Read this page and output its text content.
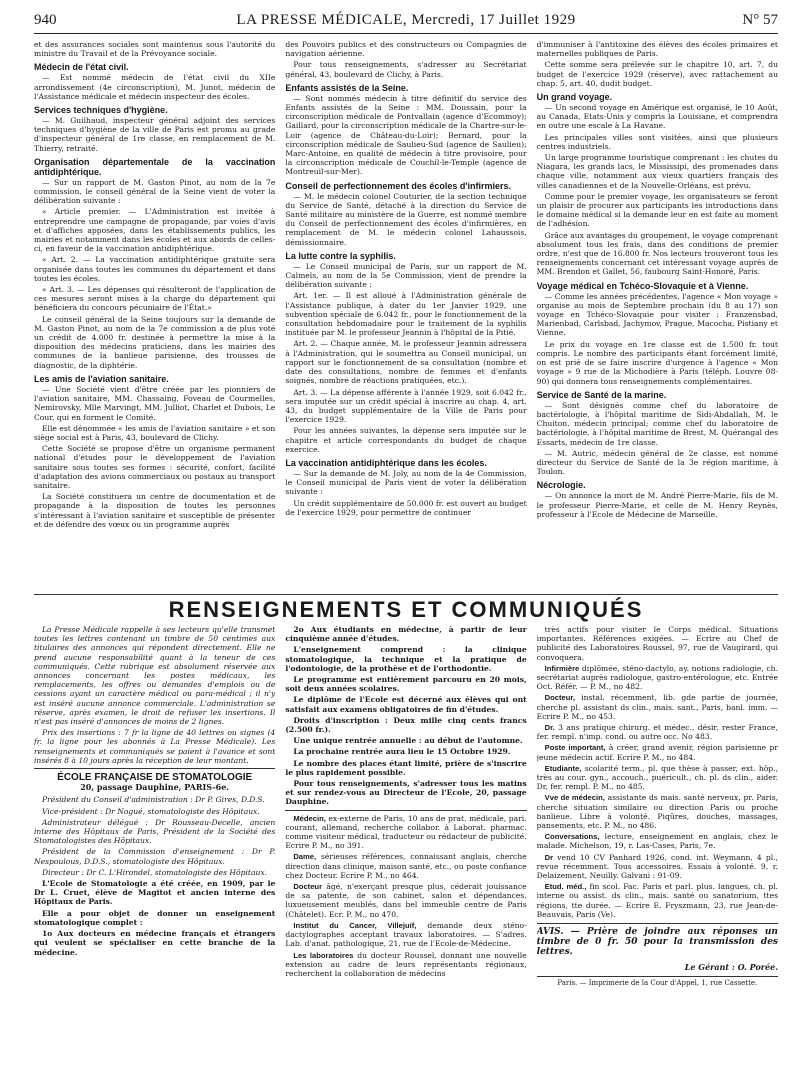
940	LA PRESSE MÉDICALE, Mercredi, 17 Juillet 1929	N° 57

et des assurances sociales sont maintenus sous l'autorité du ministre du Travail et de la Prévoyance sociale.

Médecin de l'état civil.

— Est nommé médecin de l'état civil du XIIe arrondissement (4e circonscription), M. Junot, médecin de l'Assistance médicale et médecin inspecteur des écoles.

Services techniques d'hygiène.

— M. Guilhaud, inspecteur général adjoint des services techniques d'hygiène de la ville de Paris est promu au grade d'inspecteur général de 1re classe, en remplacement de M. Thierry, retraité.

Organisation départementale de la vaccination antidiphtérique.

— Sur un rapport de M. Gaston Pinot, au nom de la 7e commission, le conseil général de la Seine vient de voter la délibération suivante :

« Article premier. — L'Administration est invitée à entreprendre une campagne de propagande, par voies d'avis et d'affiches apposées, dans les établissements publics, les mairies et notamment dans les écoles et aux abords de celles-ci, en faveur de la vaccination antidiphtérique.

« Art. 2. — La vaccination antidiphtérique gratuite sera organisée dans toutes les communes du département et dans toutes les écoles.

« Art. 3. — Les dépenses qui résulteront de l'application de ces mesures seront mises à la charge du département qui bénéficiera du concours pécuniaire de l'État.»

Le conseil général de la Seine toujours sur la demande de M. Gaston Pinot, au nom de la 7e commission a de plus voté un crédit de 4.000 fr. destinée à permettre la mise à la disposition des médecins praticiens, dans les mairies des communes de la banlieue parisienne, des trousses de diagnostic, de la diphtérie.

Les amis de l'aviation sanitaire.

— Une Société vient d'être créée par les pionniers de l'aviation sanitaire, MM. Chassaing, Foveau de Courmelles, Nemirovsky, Mlle Marvingt, MM. Julliot, Charlet et Dubois, Le Cour, qui en forment le Comité.

Elle est dénommée « les amis de l'aviation sanitaire » et son siège social est à Paris, 43, boulevard de Clichy.

Cette Société se propose d'être un organisme permanent national d'études pour le développement de l'aviation sanitaire sous toutes ses formes : sécurité, confort, facilité d'adaptation des avions commerciaux ou postaux au transport sanitaire.

La Société constituera un centre de documentation et de propagande à la disposition de toutes les personnes s'intéressant à l'aviation sanitaire et susceptible de présenter et de défendre des vœux ou un programme auprès

des Pouvoirs publics et des constructeurs ou Compagnies de navigation aérienne.

Pour tous renseignements, s'adresser au Secrétariat général, 43, boulevard de Clichy, à Paris.

Enfants assistés de la Seine.

— Sont nommés médecin à titre définitif du service des Enfants assistés de la Seine : MM. Doussain, pour la circonscription médicale de Pontvallain (agence d'Ecommoy); Gaillard, pour la circonscription médicale de la Chartre-sur-le-Loir (agence de Château-du-Loir); Bernard, pour la circonscription médicale de Saulieu-Sud (agence de Saulieu); Marc-Antoine, en qualité de médecin à titre provisoire, pour la circonscription médicale de Couchil-le-Temple (agence de Montreuil-sur-Mer).

Conseil de perfectionnement des écoles d'infirmiers.

— M. le médecin colonel Couturier, de la section technique du Service de Santé, détaché à la direction du Service de Santé militaire au ministère de la Guerre, est nommé membre du Conseil de perfectionnement des écoles d'infirmières, en remplacement de M. le médecin colonel Lahaussois, démissionnaire.

La lutte contre la syphilis.

— Le Conseil municipal de Paris, sur un rapport de M. Calmels, au nom de la 5e Commission, vient de prendre la délibération suivante :

Art. 1er. — Il est alloué à l'Administration générale de l'Assistance publique, à dater du 1er Janvier 1929, une subvention spéciale de 6.042 fr., pour le fonctionnement de la consultation hebdomadaire pour le traitement de la syphilis instituée par M. le professeur Jeannin à l'hôpital de la Pitié.

Art. 2. — Chaque année, M. le professeur Jeannin adressera à l'Administration, qui le soumettra au Conseil municipal, un rapport sur le fonctionnement de sa consultation (nombre et date des consultations, nombre de femmes et d'enfants soignés, nombre de réactions pratiquées, etc.).

Art. 3. — La dépense afférente à l'année 1929, soit 6.042 fr., sera imputée sur un crédit spécial à inscrire au chap. 4, art. 43, du budget supplémentaire de la Ville de Paris pour l'exercice 1929.

Pour les années suivantes, la dépense sera imputée sur le chapitre et article correspondants du budget de chaque exercice.

La vaccination antidiphtérique dans les écoles.

— Sur la demande de M. Joly, au nom de la 4e Commission, le Conseil municipal de Paris vient de voter la délibération suivante :

Un crédit supplémentaire de 50.000 fr. est ouvert au budget de l'exercice 1929, pour permettre de continuer

d'immuniser à l'antitoxine des élèves des écoles primaires et maternelles publiques de Paris.

Cette somme sera prélevée sur le chapitre 10, art. 7, du budget de l'exercice 1929 (réserve), avec rattachement au chap. 5, art. 40, dudit budget.

Un grand voyage.

— Un second voyage en Amérique est organisé, le 10 Août, au Canada, Etats-Unis y compris la Louisiane, et comprendra en outre une escale à La Havane.

Les principales villes sont visitées, ainsi que plusieurs centres industriels.

Un large programme touristique comprenant : les chutes du Niagara, les grands lacs, le Mississipi, des promenades dans chaque ville, notamment aux vieux quartiers français des villes canadiennes et de la Nouvelle-Orléans, est prévu.

Comme pour le premier voyage, les organisateurs se feront un plaisir de procurer aux participants les introductions dans le domaine médical si la demande leur en est faite au moment de l'adhésion.

Grâce aux avantages du groupement, le voyage comprenant absolument tous les frais, dans des conditions de premier ordre, n'est que de 16.800 fr. Nos lecteurs trouveront tous les renseignements concernant cet intéressant voyage auprès de MM. Brendon et Gallet, 56, faubourg Saint-Honoré, Paris.

Voyage médical en Tchéco-Slovaquie et à Vienne.

— Comme les années précédentes, l'agence « Mon voyage » organise au mois de Septembre prochain (du 8 au 17) son voyage en Tchéco-Slovaquie pour visiter : Franzensbad, Marienbad, Carlsbad, Jachymov, Prague, Macocha, Pistiany et Vienne.

Le prix du voyage en 1re classe est de 1.500 fr. tout compris. Le nombre des participants étant forcément limité, on est prié de se faire inscrire d'urgence à l'agence « Mon voyage » 9 rue de la Michodière à Paris (téléph. Louvre 08-90) qui donnera tous renseignements complémentaires.

Service de Santé de la marine.

— Sont désignés comme chef du laboratoire de bactériologie, à l'hôpital maritime de Sidi-Abdallah, M. le Chuiton, médecin principal; comme chef du laboratoire de bactériologie, à l'hôpital maritime de Brest, M. Quérangal des Essarts, médecin de 1re classe.

— M. Autric, médecin général de 2e classe, est nommé directeur du Service de Santé de la 3e région maritime, à Toulon.

Nécrologie.

— On annonce la mort de M. André Pierre-Marie, fils de M. le professeur Pierre-Marie, et celle de M. Henry Reynès, professeur à l'Ecole de Médecine de Marseille.

RENSEIGNEMENTS ET COMMUNIQUÉS

La Presse Médicale rappelle à ses lecteurs qu'elle transmet toutes les lettres contenant un timbre de 50 centimes aux titulaires des annonces qui répondent directement. Elle ne prend aucune responsabilité quant à la teneur de ces communiqués. Cette rubrique est absolument réservée aux annonces concernant les postes médicaux, les remplacements, les offres ou demandes d'emplois ou de cessions ayant un caractère médical ou para-médical ; il n'y est inséré aucune annonce commerciale. L'administration se réserve, après examen, le droit de refuser les insertions. Il n'est pas inséré d'annonces de moins de 2 lignes.

Prix des insertions : 7 fr la ligne de 40 lettres ou signes (4 fr. la ligne pour les abonnés à La Presse Médicale). Les renseignements et communiqués se paient à l'avance et sont insérés 8 à 10 jours après la réception de leur montant.

ÉCOLE FRANÇAISE DE STOMATOLOGIE
20, passage Dauphine, PARIS-6e.

Président du Conseil d'administration : Dr P. Gires, D.D.S.

Vice-président : Dr Nogué, stomatologiste des Hôpitaux.

Administrateur délégué : Dr Rousseau-Decelle, ancien interne des Hôpitaux de Paris, Président de la Société des Stomatologistes des Hôpitaux.

Président de la Commission d'enseignement : Dr P. Nespoulous, D.D.S., stomatologiste des Hôpitaux.

Directeur : Dr C. L'Hirondel, stomatologiste des Hôpitaux.

L'Ecole de Stomatologie a été créée, en 1909, par le Dr L. Cruet, élève de Magitot et ancien interne des Hôpitaux de Paris.

Elle a pour objet de donner un enseignement stomatologique complet :

1o Aux docteurs en médecine français et étrangers qui veulent se spécialiser en cette branche de la médecine.

2o Aux étudiants en médecine, à partir de leur cinquième année d'études.

L'enseignement comprend : la clinique stomatologique, la technique et la pratique de l'odontologie, de la prothèse et de l'orthodontie.

Le programme est entièrement parcouru en 20 mois, soit deux années scolaires.

Le diplôme de l'Ecole est décerné aux élèves qui ont satisfait aux examens obligatoires de fin d'études.

Droits d'inscription : Deux mille cinq cents francs (2.500 fr.).

Une unique rentrée annuelle : au début de l'automne.

La prochaine rentrée aura lieu le 15 Octobre 1929.

Le nombre des places étant limité, prière de s'inscrire le plus rapidement possible.

Pour tous renseignements, s'adresser tous les matins et sur rendez-vous au Directeur de l'Ecole, 20, passage Dauphine.

Médecin, ex-externe de Paris, 10 ans de prat. médicale, pari. courant, allemand, recherche collabor. à Laborat. pharmac. comme visiteur médical, traducteur ou rédacteur de publicité. Ecrire P. M., no 391.

Dame, sérieuses références, connaissant anglais, cherche direction dans clinique, maison santé, etc., ou poste confiance chez Docteur. Ecrire P. M., no 464.

Docteur âgé, n'exerçant presque plus, céderait jouissance de sa patente, de son cabinet, salon et dépendances, luxueusement meublés, dans bel immeuble centre de Paris (Châtelet). Ecr. P. M., no 470.

Institut du Cancer, Villejuif, demande deux sténo-dactylographes acceptant travaux laboratoires. — S'adres. Lab. d'anat. pathologique, 21, rue de l'Ecole-de-Médecine.

Les laboratoires du docteur Roussel, donnant une nouvelle extension au cadre de leurs représentants régionaux, recherchent la collaboration de médecins

très actifs pour visiter le Corps médical. Situations importantes. Références exigées. — Ecrire au Chef de publicité des Laboratoires Roussel, 97, rue de Vaugirard, qui convoquera.

Infirmière diplômée, sténo-dactylo, ay. notions radiologie, ch. secrétariat auprès radiologue, gastro-entérologue, etc. Entrée Oct. Référ. — P. M., no 482.

Docteur, instal. récemment, lib. gde partie de journée, cherche pl. assistant ds clin., mais. sant., Paris, banl. imm. — Ecrire P. M., no 453.

Dr. 3 ans pratique chirurg. et médec., désir. rester France, fer. rempl. n'imp. cond. ou autre occ. No 483.

Poste important, à créer, grand avenir, région parisienne pr jeune médecin actif. Ecrire P. M., no 484.

Etudiante, scolarité term., pl. que thèse à passer, ext. hôp., très au cour. gyn., accouch., puéricult., ch. pl. ds clin., aider. Dr, fer. rempl. P. M., no 485.

Vve de médecin, assistante ds mais. santé nerveux, pr. Paris, cherche situation similaire ou direction Paris ou proche banlieue. Libre à volonté. Piqûres, douches, massages, pansements, etc. P. M., no 486.

Conversations, lecture, enseignement en anglais, chez le malade. Michelson, 19, r. Las-Cases, Paris, 7e.

Dr vend 10 CV Panhard 1926, cond. int. Weymann, 4 pl., revue récemment. Tous accessoires. Essais à volonté. 9, r. Delaizement, Neuilly. Galvani : 91-09.

Etud. méd., fin scol. Fac. Paris et parl. plus. langues, ch. pl. interne ou assist. ds clin., mais. santé ou sanatorium, ttes régions, tte durée. — Ecrire E. Fryszmann, 23, rue Jean-de-Beauvais, Paris (Ve).

AVIS. — Prière de joindre aux réponses un timbre de 0 fr. 50 pour la transmission des lettres.
Le Gérant : O. Porée.
Paris. — Imprimerie de la Cour d'Appel, 1, rue Cassette.
